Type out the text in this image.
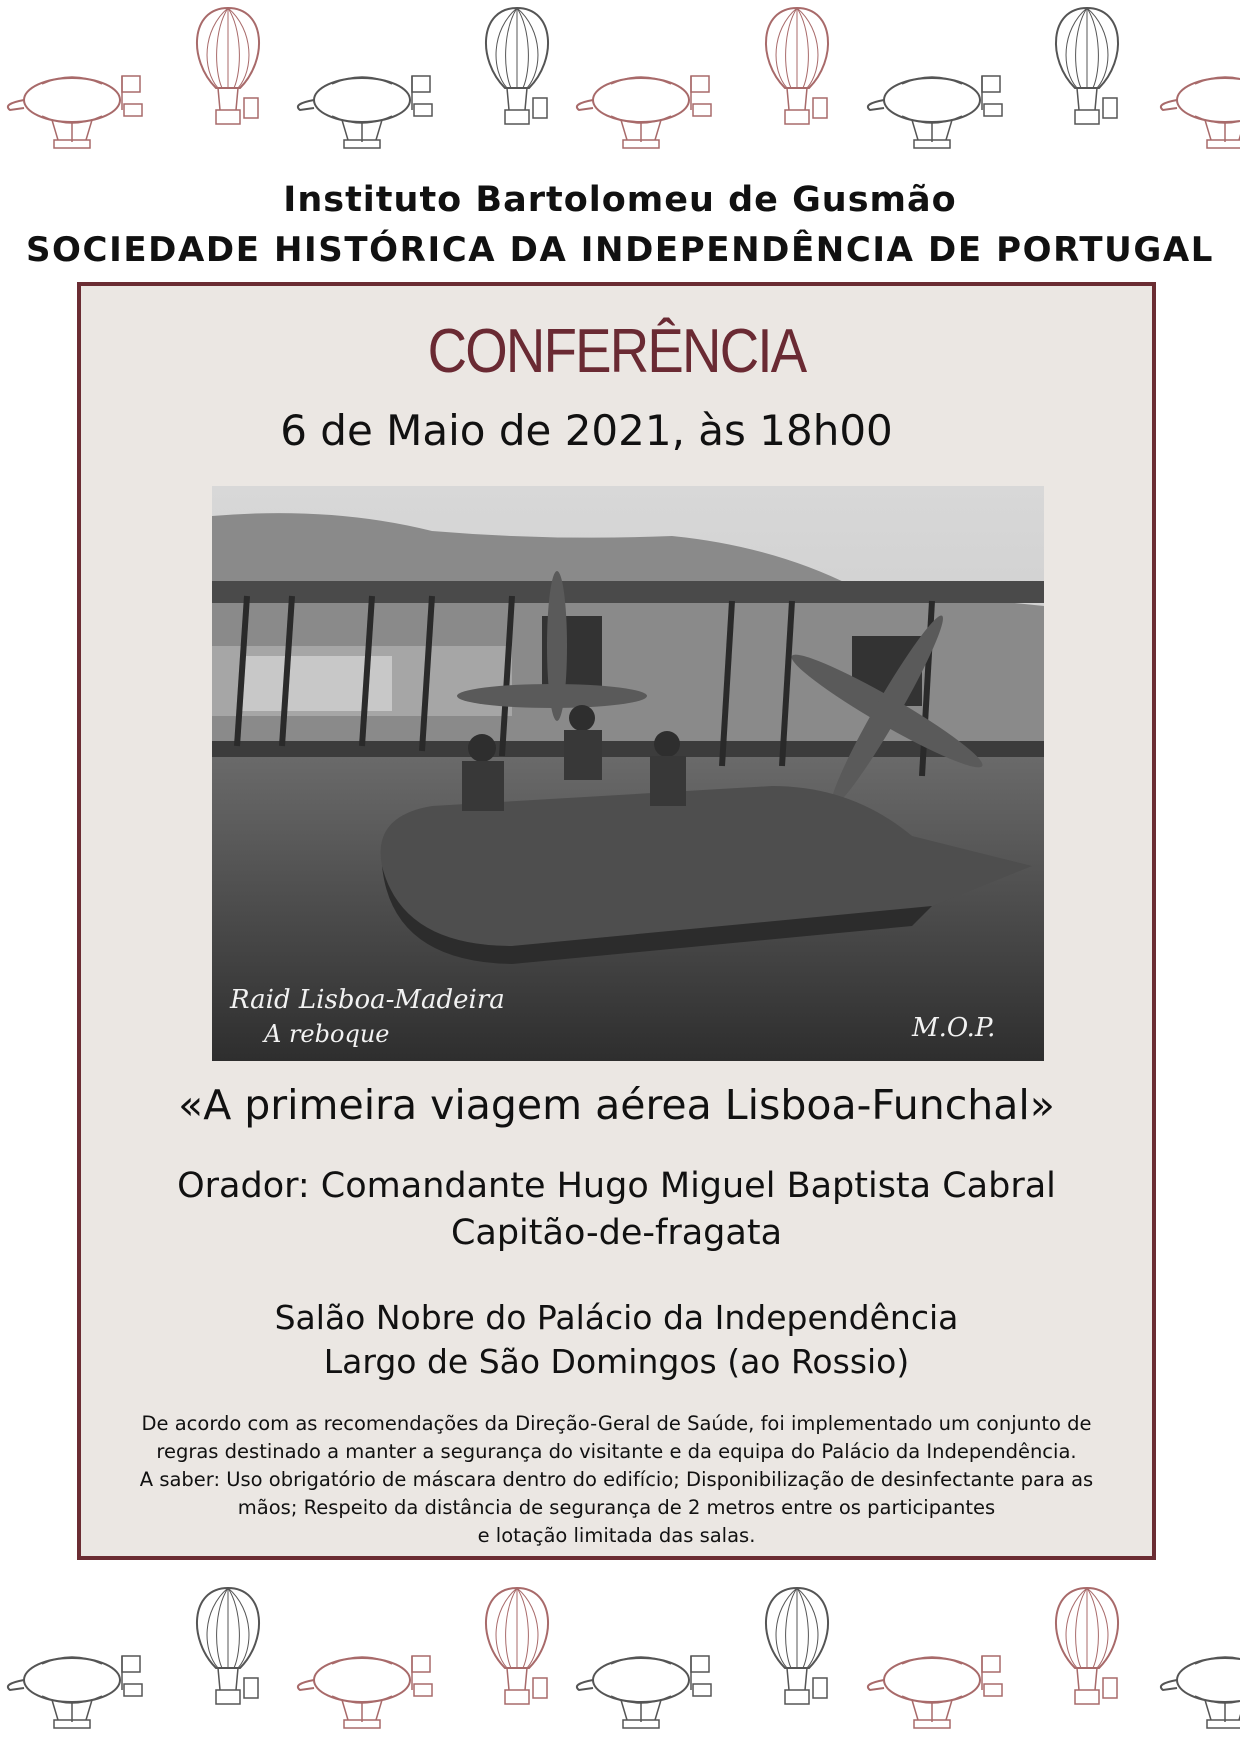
Instituto Bartolomeu de Gusmão
SOCIEDADE HISTÓRICA DA INDEPENDÊNCIA DE PORTUGAL
CONFERÊNCIA
6 de Maio de 2021, às 18h00
Raid Lisboa-Madeira
A reboque	M.O.P.
«A primeira viagem aérea Lisboa-Funchal»
Orador: Comandante Hugo Miguel Baptista Cabral
Capitão-de-fragata
Salão Nobre do Palácio da Independência
Largo de São Domingos (ao Rossio)
De acordo com as recomendações da Direção-Geral de Saúde, foi implementado um conjunto de
regras destinado a manter a segurança do visitante e da equipa do Palácio da Independência.
A saber: Uso obrigatório de máscara dentro do edifício; Disponibilização de desinfectante para as
mãos; Respeito da distância de segurança de 2 metros entre os participantes
e lotação limitada das salas.
